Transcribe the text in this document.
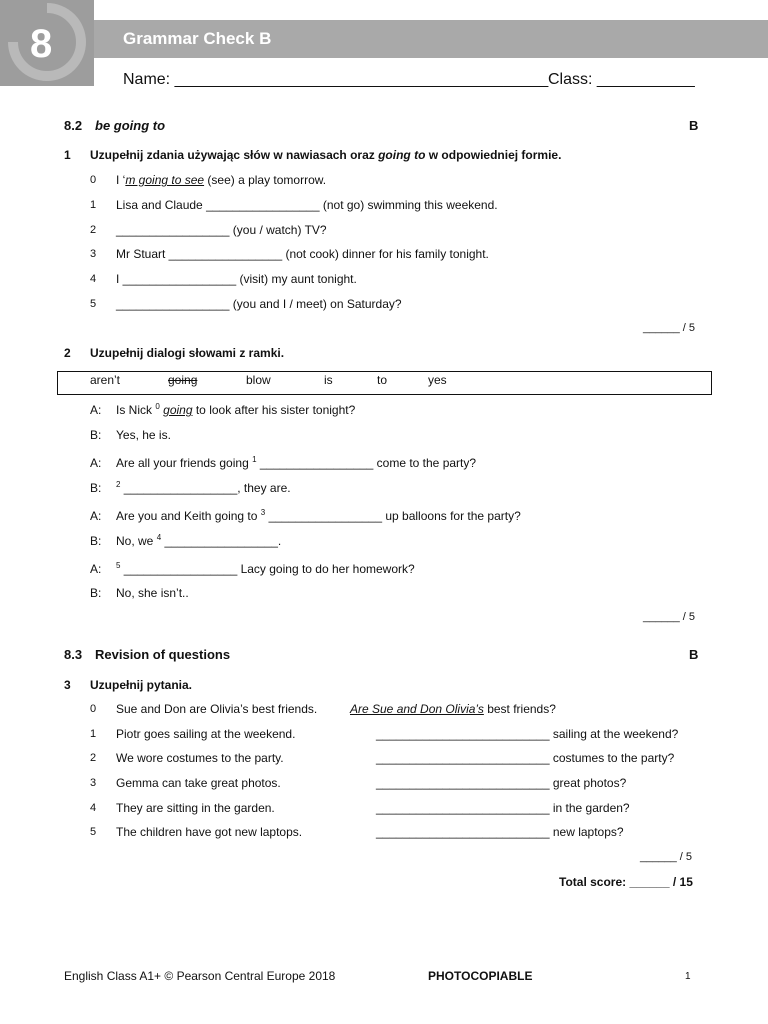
8	Grammar Check B
Name: __________________________________________ Class: ___________
8.2 be going to	B
1 Uzupełnij zdania używając słów w nawiasach oraz going to w odpowiedniej formie.
0 I ‘m going to see (see) a play tomorrow.
1 Lisa and Claude _________________ (not go) swimming this weekend.
2 _________________ (you / watch) TV?
3 Mr Stuart _________________ (not cook) dinner for his family tonight.
4 I _________________ (visit) my aunt tonight.
5 _________________ (you and I / meet) on Saturday?
______ / 5
2 Uzupełnij dialogi słowami z ramki.
aren’t	going	blow	is	to	yes
A: Is Nick $^0$ going to look after his sister tonight?
B: Yes, he is.
A: Are all your friends going $^1$ _________________ come to the party?
B: $^2$ _________________, they are.
A: Are you and Keith going to $^3$ _________________ up balloons for the party?
B: No, we $^4$ _________________.
A: $^5$ _________________ Lacy going to do her homework?
B: No, she isn’t..
______ / 5
8.3 Revision of questions	B
3 Uzupełnij pytania.
0 Sue and Don are Olivia’s best friends.	Are Sue and Don Olivia’s best friends?
1 Piotr goes sailing at the weekend.	__________________________ sailing at the weekend?
2 We wore costumes to the party.	__________________________ costumes to the party?
3 Gemma can take great photos.	__________________________ great photos?
4 They are sitting in the garden.	__________________________ in the garden?
5 The children have got new laptops.	__________________________ new laptops?
______ / 5
Total score: ______ / 15
English Class A1+ © Pearson Central Europe 2018	PHOTOCOPIABLE	1
